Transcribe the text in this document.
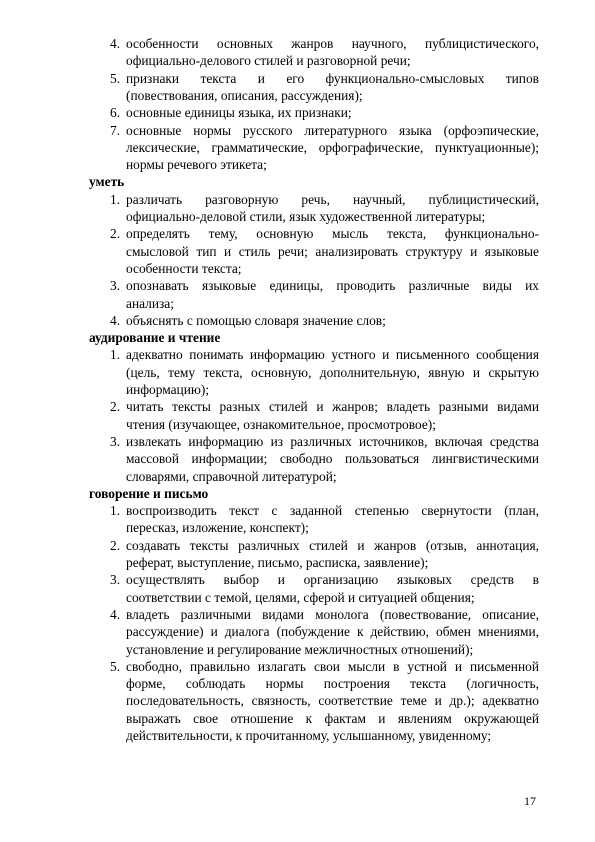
4. особенности основных жанров научного, публицистического,
официально-делового стилей и разговорной речи;
5. признаки текста и его функционально-смысловых типов
(повествования, описания, рассуждения);
6. основные единицы языка, их признаки;
7. основные нормы русского литературного языка (орфоэпические,
лексические, грамматические, орфографические, пунктуационные);
нормы речевого этикета;
уметь
1. различать разговорную речь, научный, публицистический,
официально-деловой стили, язык художественной литературы;
2. определять тему, основную мысль текста, функционально-
смысловой тип и стиль речи; анализировать структуру и языковые
особенности текста;
3. опознавать языковые единицы, проводить различные виды их
анализа;
4. объяснять с помощью словаря значение слов;
аудирование и чтение
1. адекватно понимать информацию устного и письменного сообщения
(цель, тему текста, основную, дополнительную, явную и скрытую
информацию);
2. читать тексты разных стилей и жанров; владеть разными видами
чтения (изучающее, ознакомительное, просмотровое);
3. извлекать информацию из различных источников, включая средства
массовой информации; свободно пользоваться лингвистическими
словарями, справочной литературой;
говорение и письмо
1. воспроизводить текст с заданной степенью свернутости (план,
пересказ, изложение, конспект);
2. создавать тексты различных стилей и жанров (отзыв, аннотация,
реферат, выступление, письмо, расписка, заявление);
3. осуществлять выбор и организацию языковых средств в
соответствии с темой, целями, сферой и ситуацией общения;
4. владеть различными видами монолога (повествование, описание,
рассуждение) и диалога (побуждение к действию, обмен мнениями,
установление и регулирование межличностных отношений);
5. свободно, правильно излагать свои мысли в устной и письменной
форме, соблюдать нормы построения текста (логичность,
последовательность, связность, соответствие теме и др.); адекватно
выражать свое отношение к фактам и явлениям окружающей
действительности, к прочитанному, услышанному, увиденному;
17
